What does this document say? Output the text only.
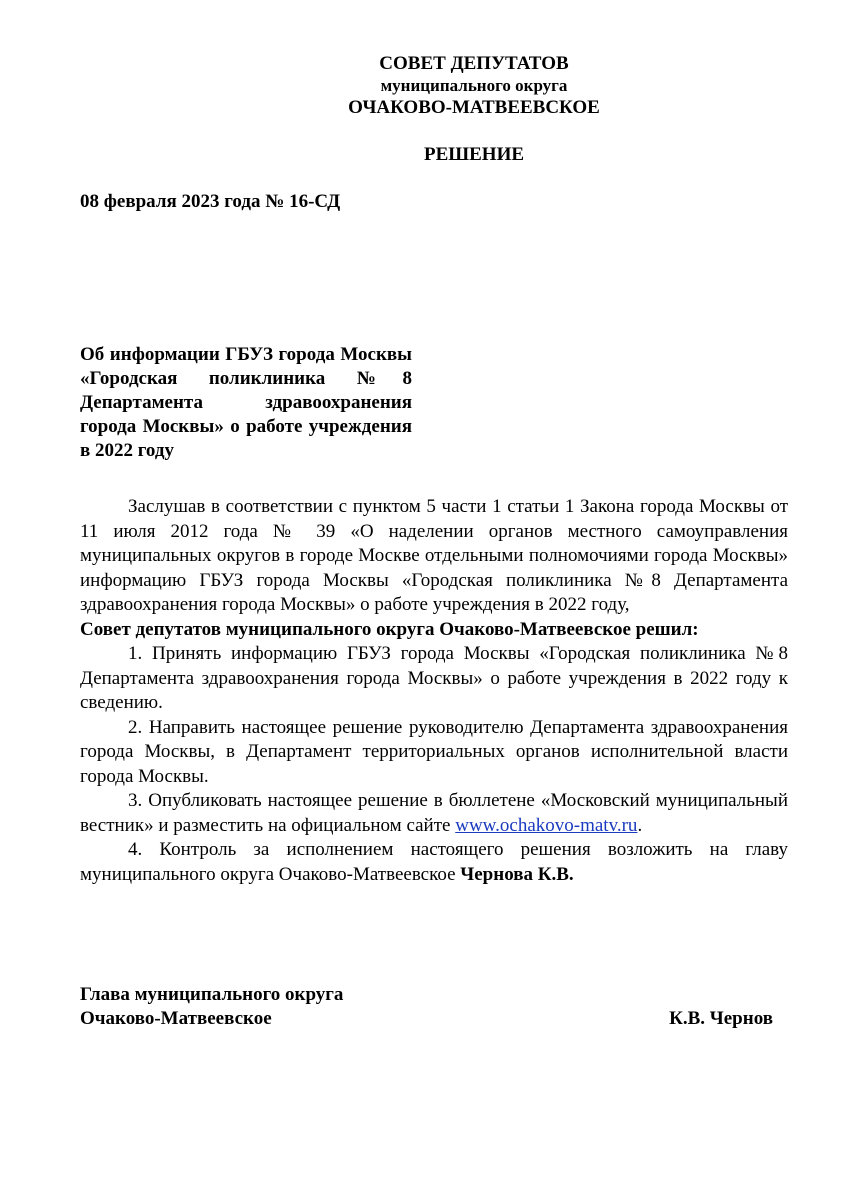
СОВЕТ ДЕПУТАТОВ
муниципального округа
ОЧАКОВО-МАТВЕЕВСКОЕ
РЕШЕНИЕ
08 февраля 2023 года № 16-СД
Об информации ГБУЗ города Москвы «Городская поликлиника №8 Департамента здравоохранения города Москвы» о работе учреждения в 2022 году

Заслушав в соответствии с пунктом 5 части 1 статьи 1 Закона города Москвы от 11 июля 2012 года № 39 «О наделении органов местного самоуправления муниципальных округов в городе Москве отдельными полномочиями города Москвы» информацию ГБУЗ города Москвы «Городская поликлиника №8 Департамента здравоохранения города Москвы» о работе учреждения в 2022 году,

Совет депутатов муниципального округа Очаково-Матвеевское решил:

1. Принять информацию ГБУЗ города Москвы «Городская поликлиника №8 Департамента здравоохранения города Москвы» о работе учреждения в 2022 году к сведению.

2. Направить настоящее решение руководителю Департамента здравоохранения города Москвы, в Департамент территориальных органов исполнительной власти города Москвы.

3. Опубликовать настоящее решение в бюллетене «Московский муниципальный вестник» и разместить на официальном сайте www.ochakovo-matv.ru.

4. Контроль за исполнением настоящего решения возложить на главу муниципального округа Очаково-Матвеевское Чернова К.В.

Глава муниципального округа
Очаково-Матвеевское	К.В. Чернов
